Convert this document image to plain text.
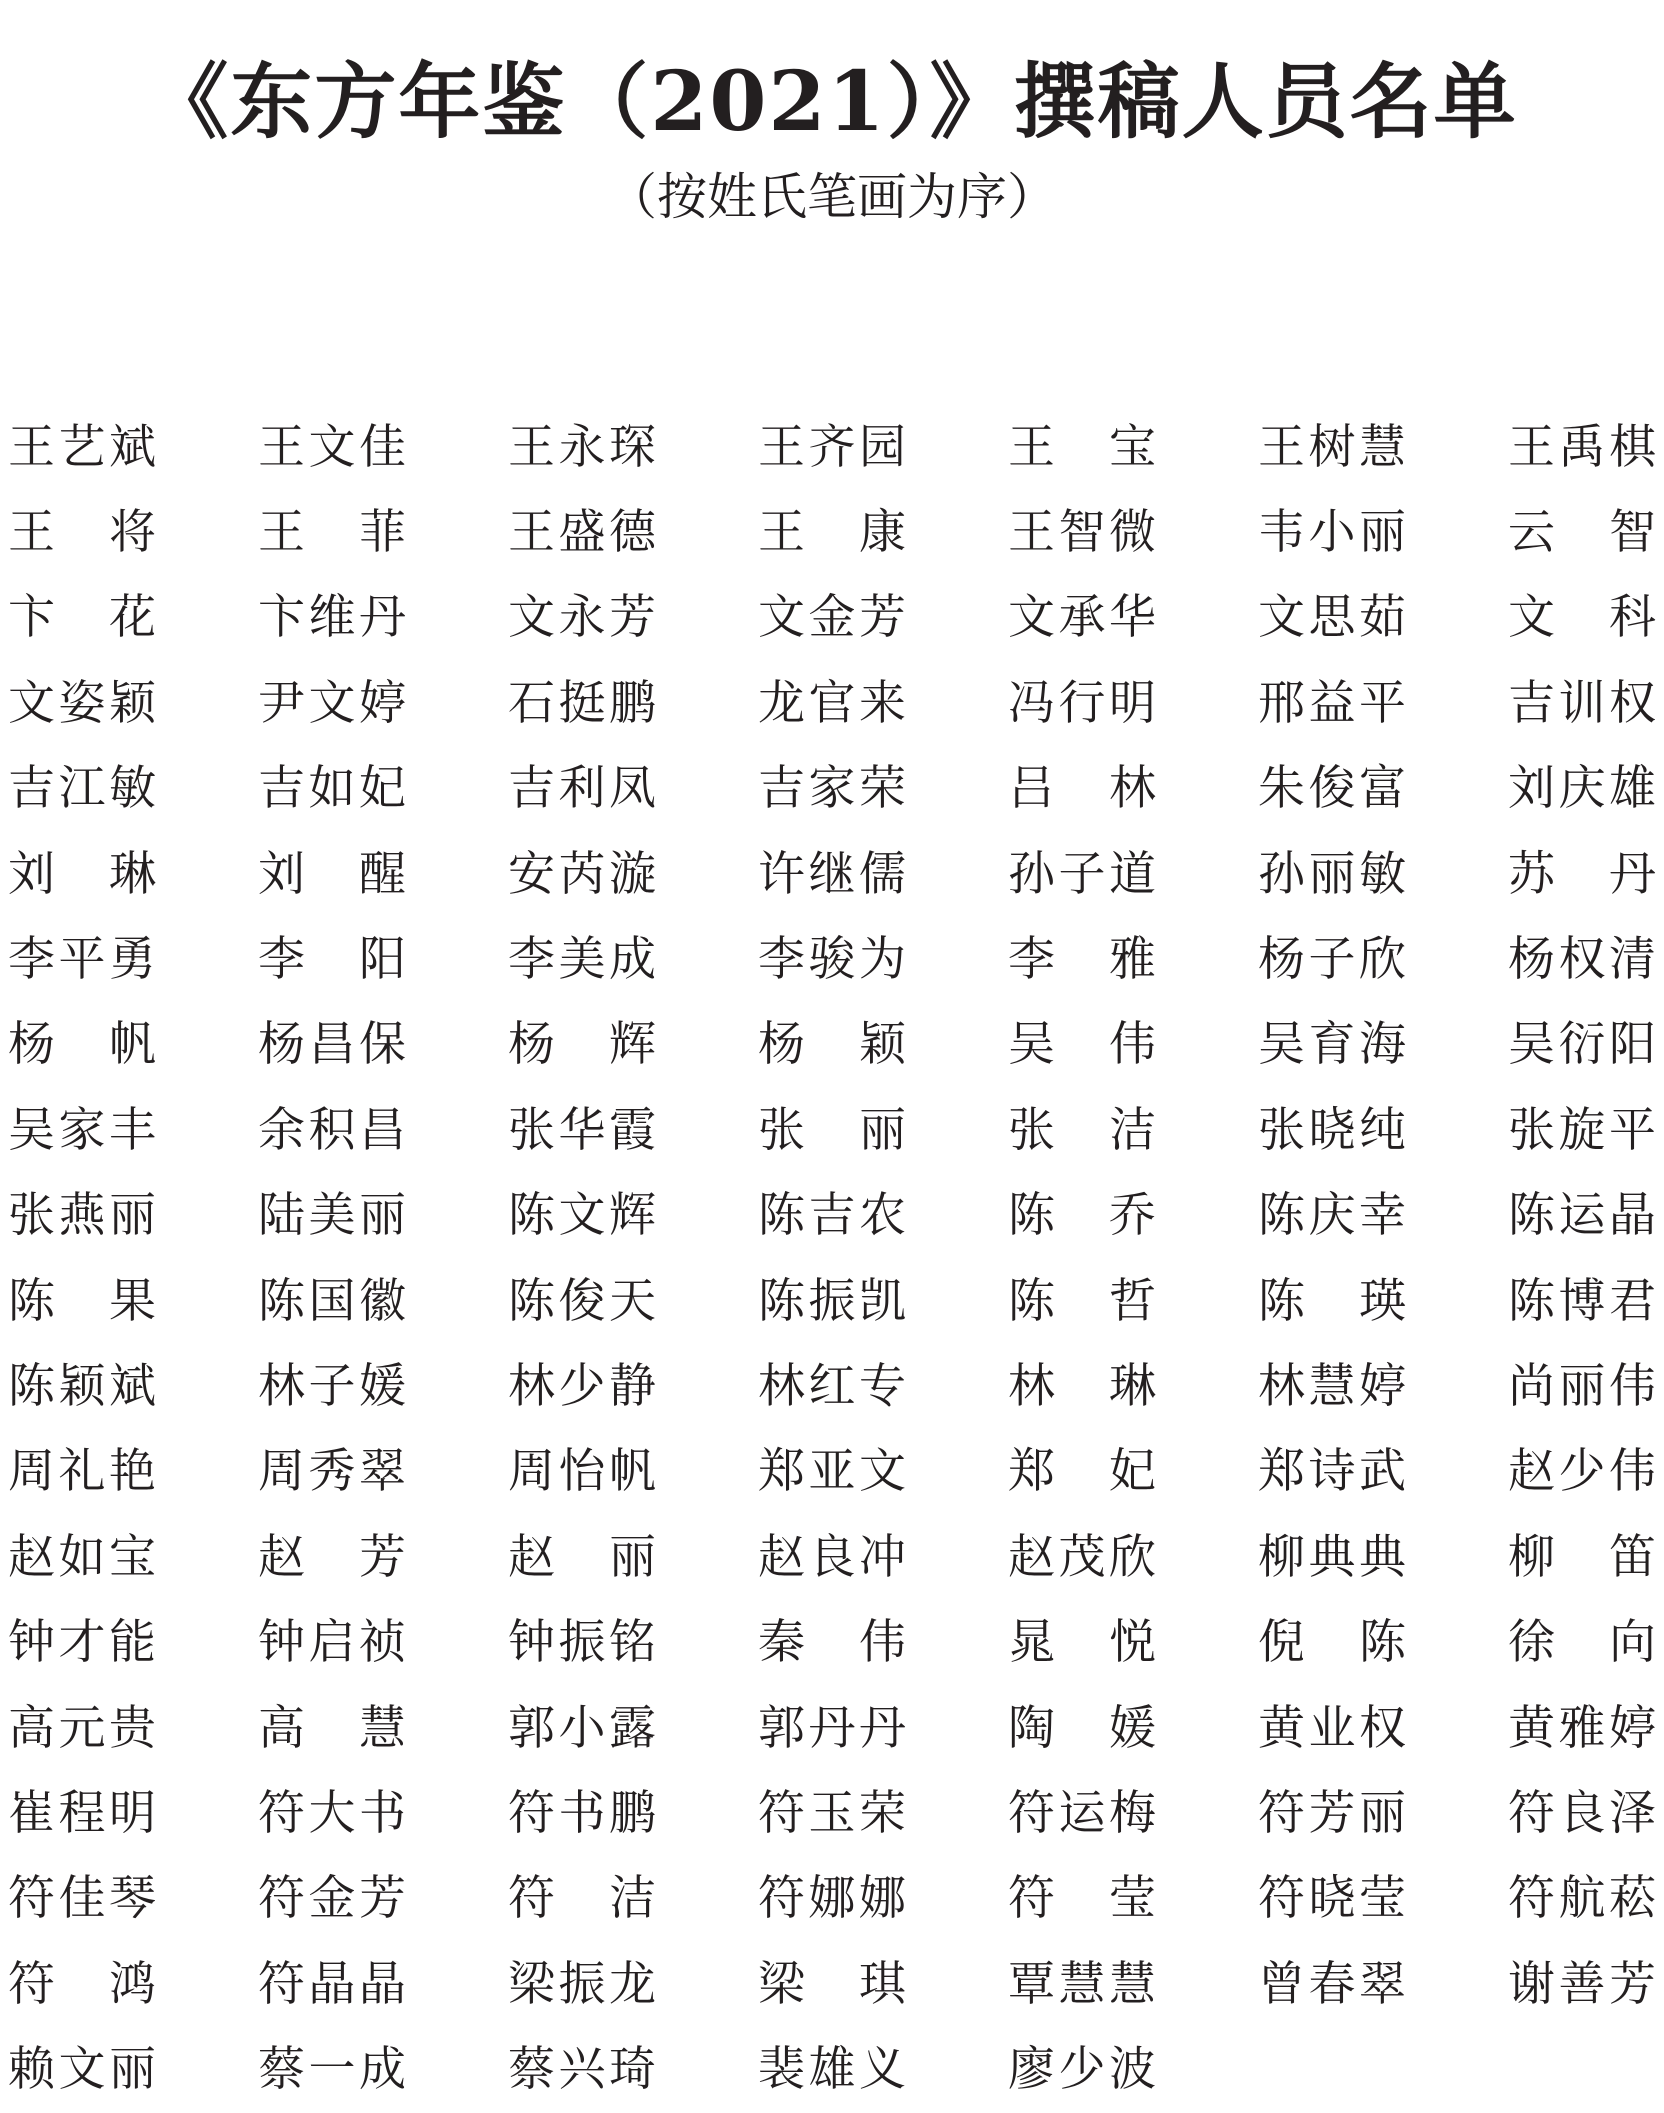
《东方年鉴（2021）》撰稿人员名单
（按姓氏笔画为序）
王艺斌 王文佳 王永琛 王齐园 王　宝 王树慧 王禹棋
王　将 王　菲 王盛德 王　康 王智微 韦小丽 云　智
卞　花 卞维丹 文永芳 文金芳 文承华 文思茹 文　科
文姿颖 尹文婷 石挺鹏 龙官来 冯行明 邢益平 吉训权
吉江敏 吉如妃 吉利凤 吉家荣 吕　林 朱俊富 刘庆雄
刘　琳 刘　醒 安芮漩 许继儒 孙子道 孙丽敏 苏　丹
李平勇 李　阳 李美成 李骏为 李　雅 杨子欣 杨权清
杨　帆 杨昌保 杨　辉 杨　颖 吴　伟 吴育海 吴衍阳
吴家丰 余积昌 张华霞 张　丽 张　洁 张晓纯 张旋平
张燕丽 陆美丽 陈文辉 陈吉农 陈　乔 陈庆幸 陈运晶
陈　果 陈国徽 陈俊天 陈振凯 陈　哲 陈　瑛 陈博君
陈颖斌 林子媛 林少静 林红专 林　琳 林慧婷 尚丽伟
周礼艳 周秀翠 周怡帆 郑亚文 郑　妃 郑诗武 赵少伟
赵如宝 赵　芳 赵　丽 赵良冲 赵茂欣 柳典典 柳　笛
钟才能 钟启祯 钟振铭 秦　伟 晁　悦 倪　陈 徐　向
高元贵 高　慧 郭小露 郭丹丹 陶　媛 黄业权 黄雅婷
崔程明 符大书 符书鹏 符玉荣 符运梅 符芳丽 符良泽
符佳琴 符金芳 符　洁 符娜娜 符　莹 符晓莹 符航菘
符　鸿 符晶晶 梁振龙 梁　琪 覃慧慧 曾春翠 谢善芳
赖文丽 蔡一成 蔡兴琦 裴雄义 廖少波
